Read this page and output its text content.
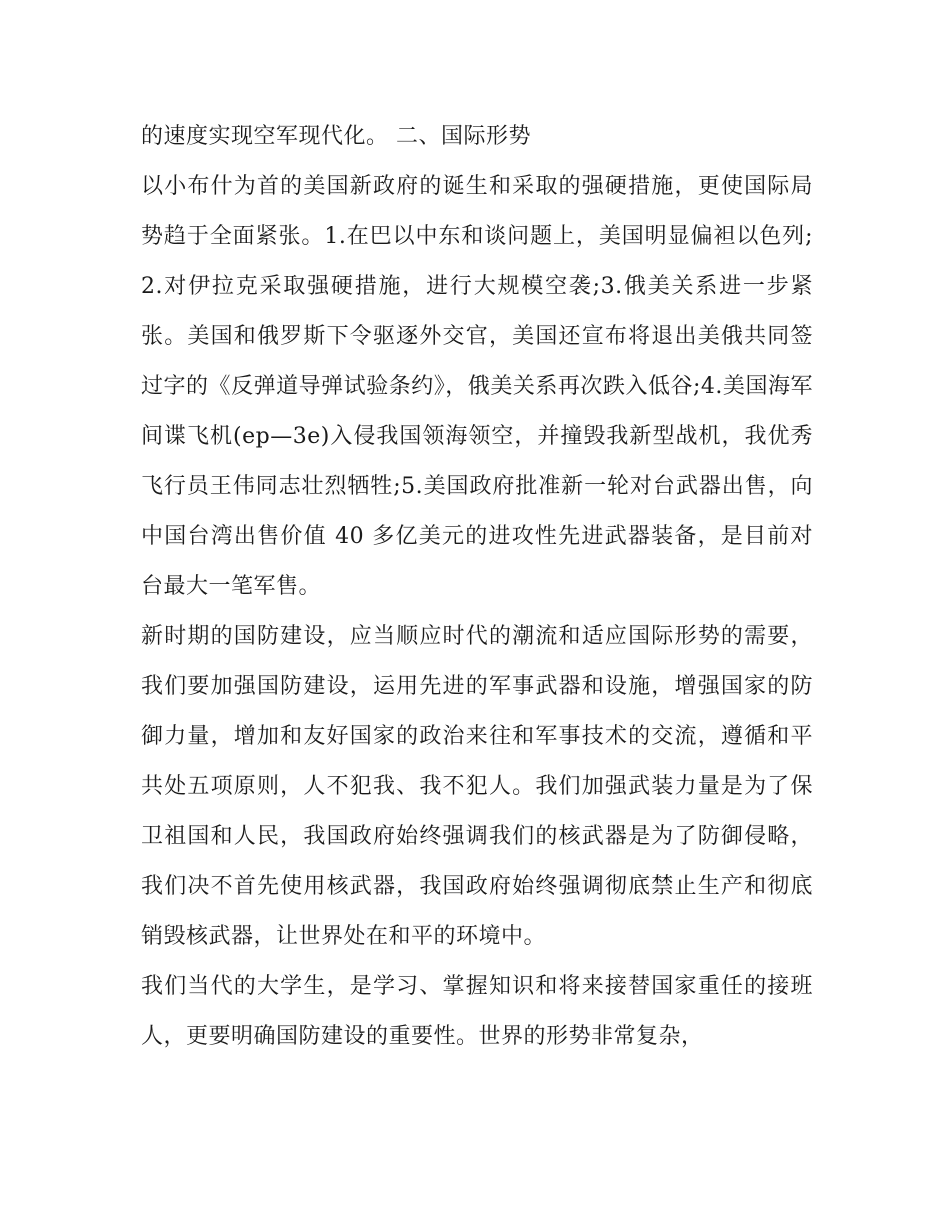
的速度实现空军现代化。 二、国际形势

以小布什为首的美国新政府的诞生和采取的强硬措施，更使国际局势趋于全面紧张。1.在巴以中东和谈问题上，美国明显偏袒以色列;2.对伊拉克采取强硬措施，进行大规模空袭;3.俄美关系进一步紧张。美国和俄罗斯下令驱逐外交官，美国还宣布将退出美俄共同签过字的《反弹道导弹试验条约》，俄美关系再次跌入低谷;4.美国海军间谍飞机(ep—3e)入侵我国领海领空，并撞毁我新型战机，我优秀飞行员王伟同志壮烈牺牲;5.美国政府批准新一轮对台武器出售，向中国台湾出售价值 40 多亿美元的进攻性先进武器装备，是目前对台最大一笔军售。

新时期的国防建设，应当顺应时代的潮流和适应国际形势的需要，我们要加强国防建设，运用先进的军事武器和设施，增强国家的防御力量，增加和友好国家的政治来往和军事技术的交流，遵循和平共处五项原则，人不犯我、我不犯人。我们加强武装力量是为了保卫祖国和人民，我国政府始终强调我们的核武器是为了防御侵略，我们决不首先使用核武器，我国政府始终强调彻底禁止生产和彻底销毁核武器，让世界处在和平的环境中。

我们当代的大学生，是学习、掌握知识和将来接替国家重任的接班人，更要明确国防建设的重要性。世界的形势非常复杂，
